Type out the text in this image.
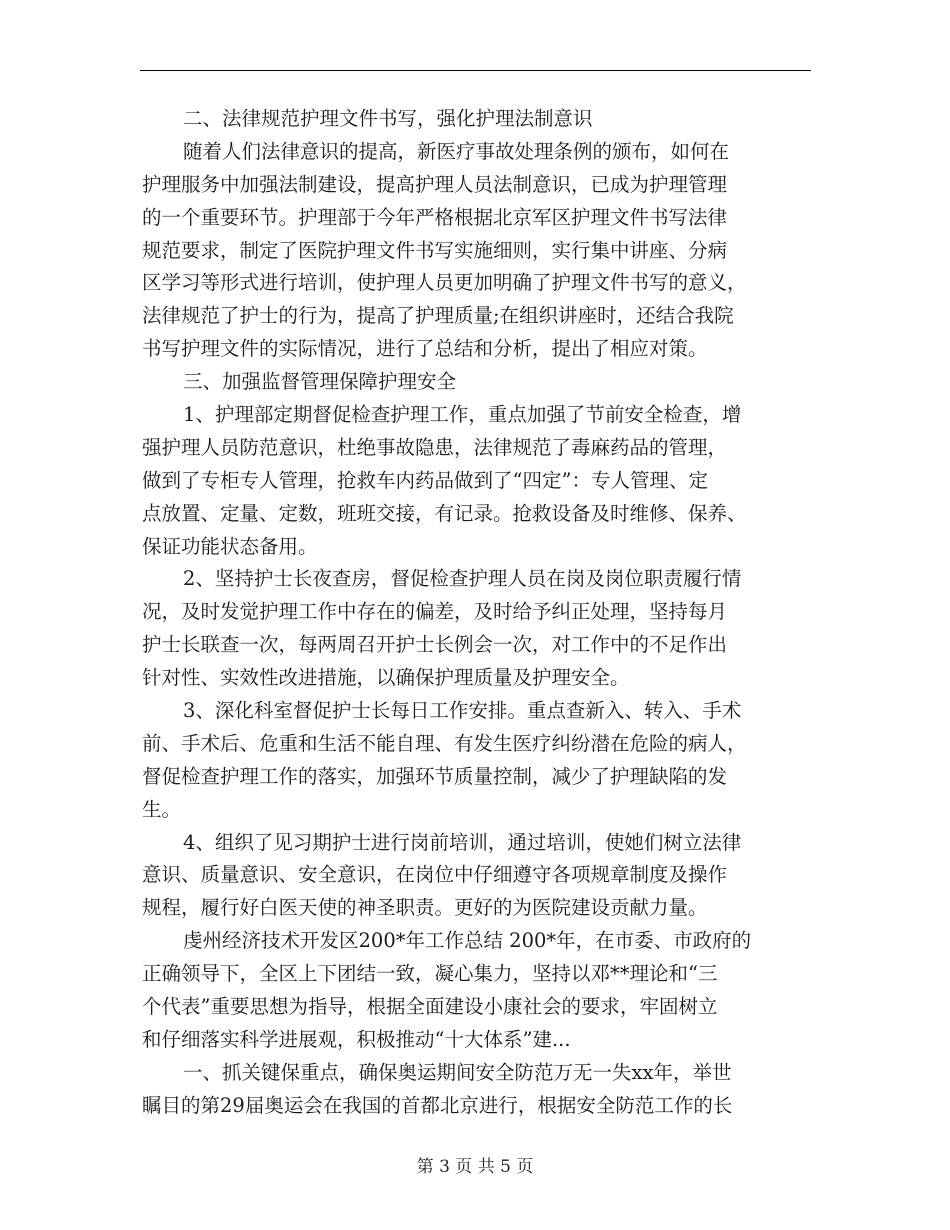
二、法律规范护理文件书写，强化护理法制意识
随着人们法律意识的提高，新医疗事故处理条例的颁布，如何在
护理服务中加强法制建设，提高护理人员法制意识，已成为护理管理
的一个重要环节。护理部于今年严格根据北京军区护理文件书写法律
规范要求，制定了医院护理文件书写实施细则，实行集中讲座、分病
区学习等形式进行培训，使护理人员更加明确了护理文件书写的意义，
法律规范了护士的行为，提高了护理质量;在组织讲座时，还结合我院
书写护理文件的实际情况，进行了总结和分析，提出了相应对策。
三、加强监督管理保障护理安全
1、护理部定期督促检查护理工作，重点加强了节前安全检查，增
强护理人员防范意识，杜绝事故隐患，法律规范了毒麻药品的管理，
做到了专柜专人管理，抢救车内药品做到了“四定”：专人管理、定
点放置、定量、定数，班班交接，有记录。抢救设备及时维修、保养、
保证功能状态备用。
2、坚持护士长夜查房，督促检查护理人员在岗及岗位职责履行情
况，及时发觉护理工作中存在的偏差，及时给予纠正处理，坚持每月
护士长联查一次，每两周召开护士长例会一次，对工作中的不足作出
针对性、实效性改进措施，以确保护理质量及护理安全。
3、深化科室督促护士长每日工作安排。重点查新入、转入、手术
前、手术后、危重和生活不能自理、有发生医疗纠纷潜在危险的病人，
督促检查护理工作的落实，加强环节质量控制，减少了护理缺陷的发
生。
4、组织了见习期护士进行岗前培训，通过培训，使她们树立法律
意识、质量意识、安全意识，在岗位中仔细遵守各项规章制度及操作
规程，履行好白医天使的神圣职责。更好的为医院建设贡献力量。
虔州经济技术开发区200*年工作总结 200*年，在市委、市政府的
正确领导下，全区上下团结一致，凝心集力，坚持以邓**理论和“三
个代表”重要思想为指导，根据全面建设小康社会的要求，牢固树立
和仔细落实科学进展观，积极推动“十大体系”建...
一、抓关键保重点，确保奥运期间安全防范万无一失xx年，举世
瞩目的第29届奥运会在我国的首都北京进行，根据安全防范工作的长
第 3 页 共 5 页
